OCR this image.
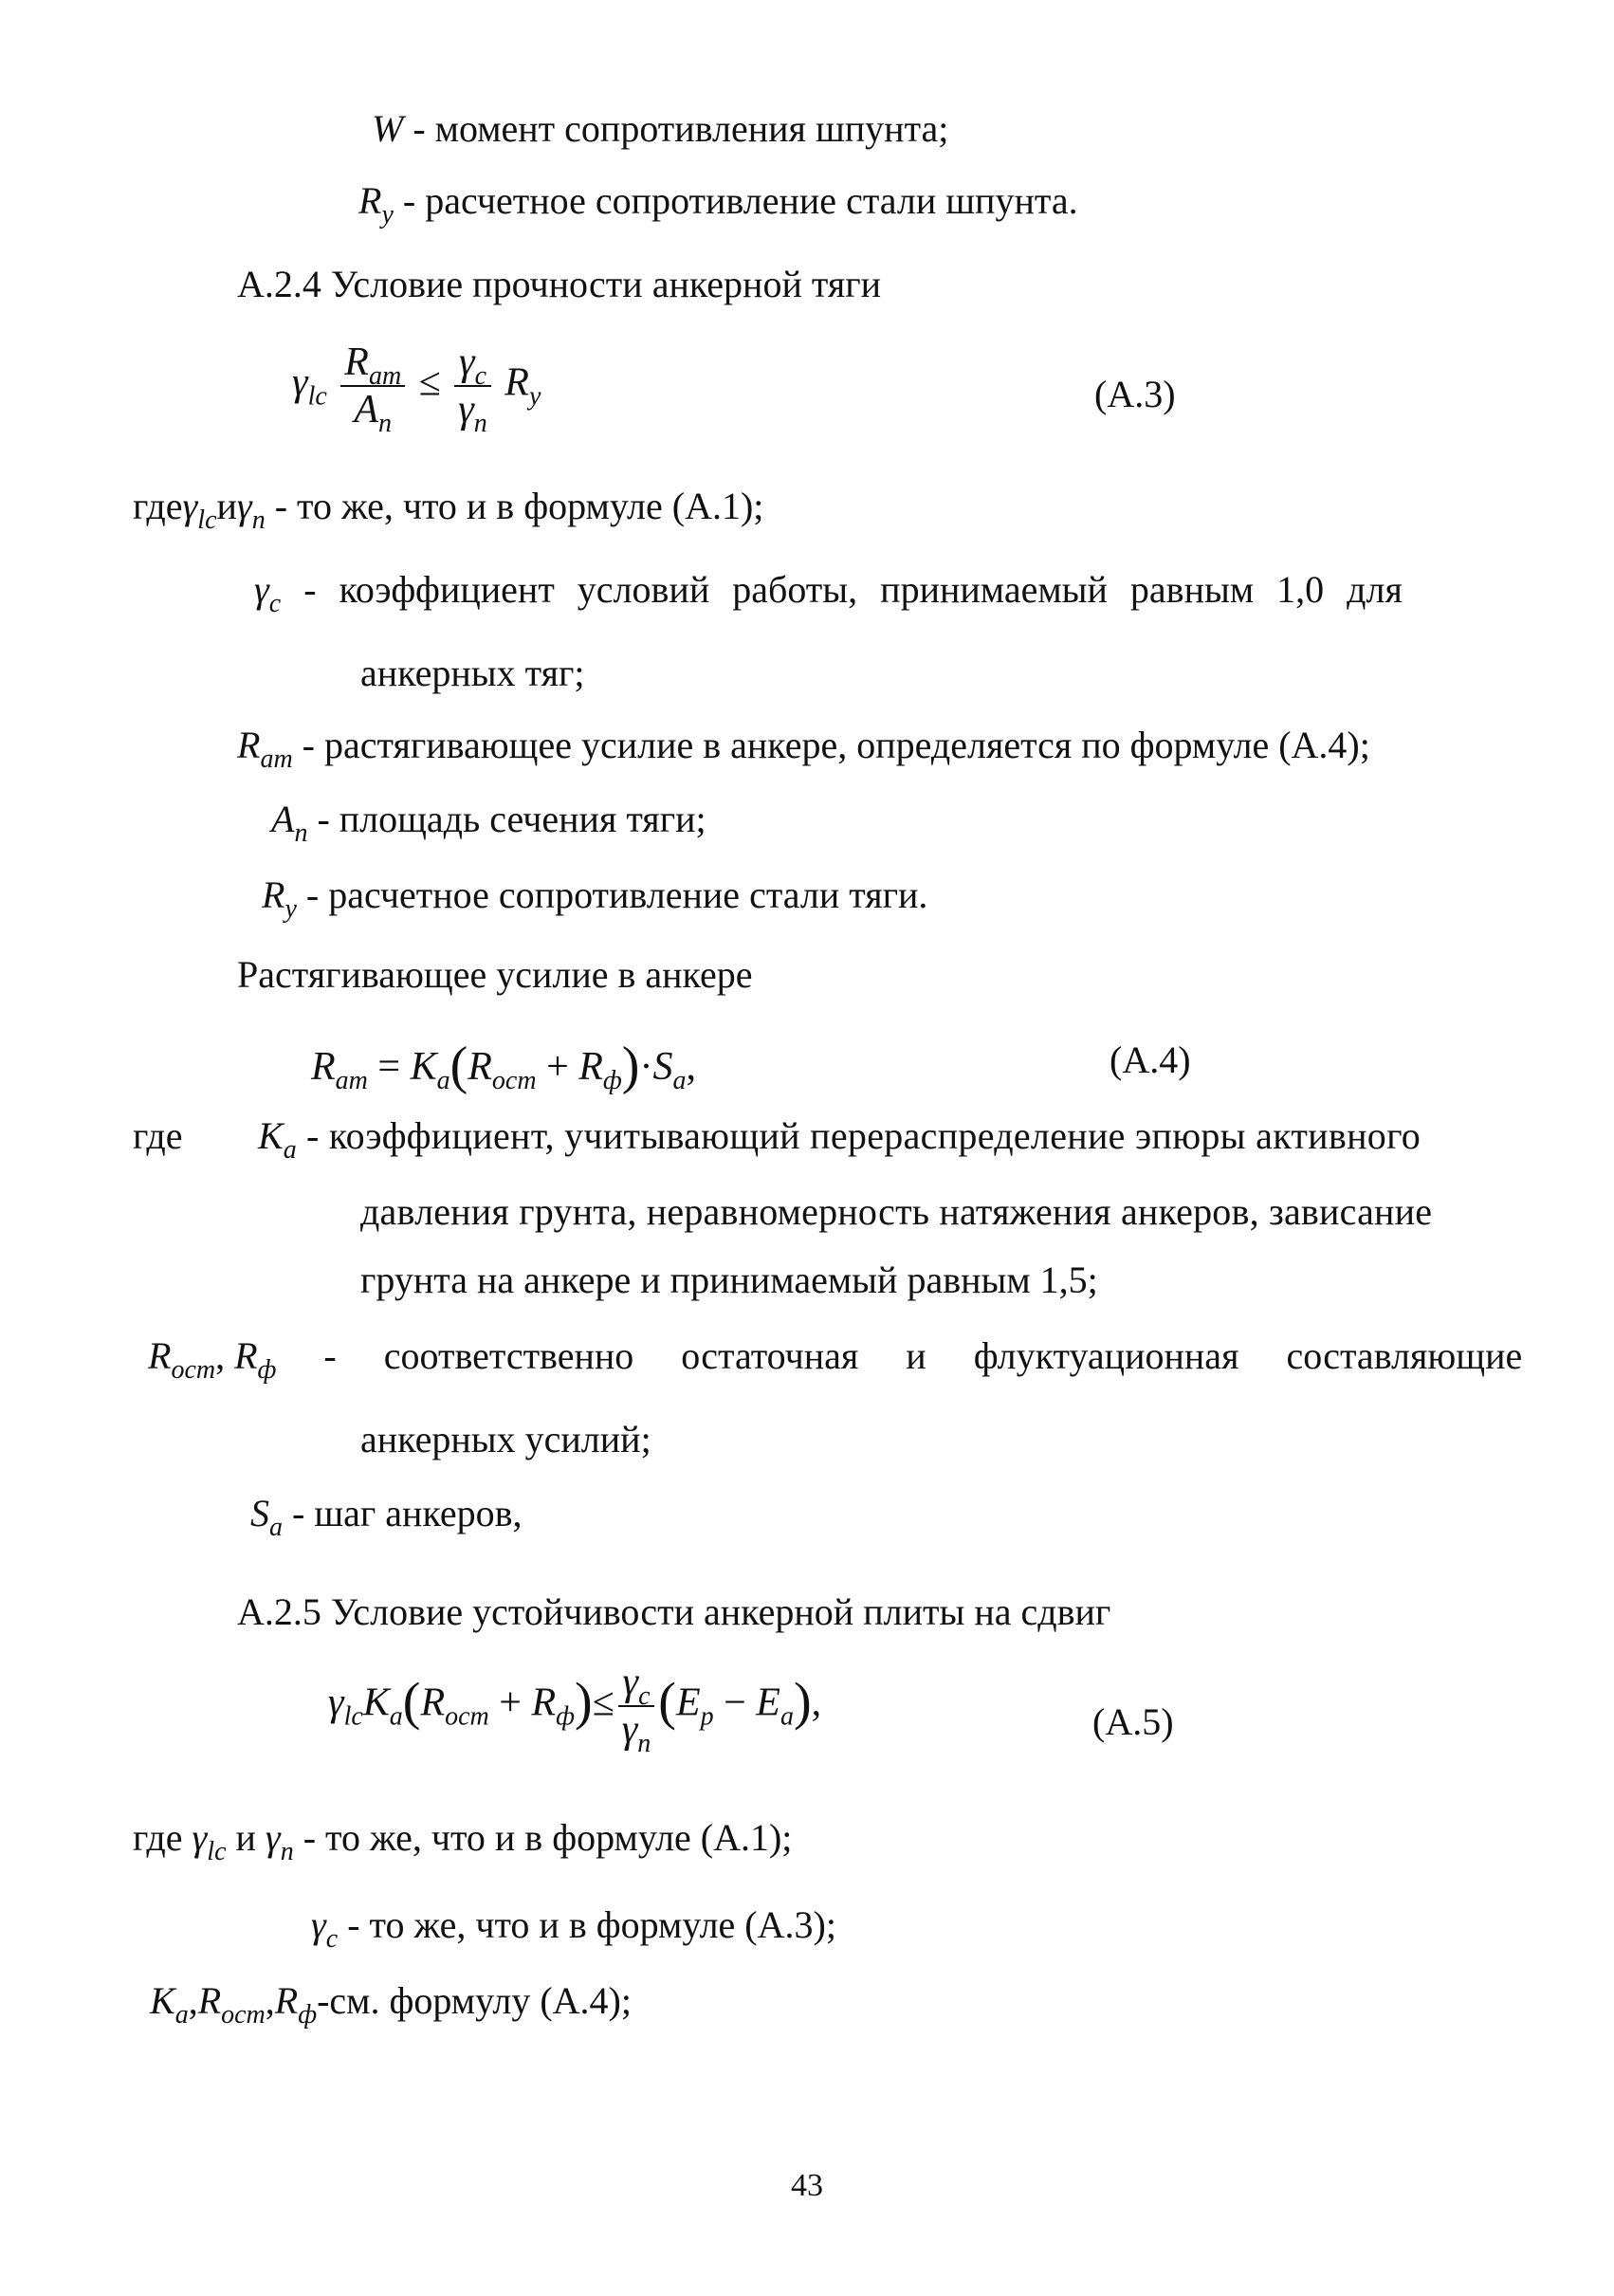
W - момент сопротивления шпунта;
$R_y$ - расчетное сопротивление стали шпунта.
А.2.4 Условие прочности анкерной тяги
$\gamma_{lc} \frac{R_{am}}{A_n} \le \frac{\gamma_c}{\gamma_n} R_y$	(А.3)
$где\gamma_{lc}и\gamma_n$ - то же, что и в формуле (А.1);
$\gamma_c$ - коэффициент условий работы, принимаемый равным 1,0 для
анкерных тяг;
$R_{am}$ - растягивающее усилие в анкере, определяется по формуле (А.4);
$A_n$ - площадь сечения тяги;
$R_y$ - расчетное сопротивление стали тяги.
Растягивающее усилие в анкере
$R_{am} = K_a(R_{ocm} + R_ф)\cdot S_a$,	(А.4)
где $K_a$ - коэффициент, учитывающий перераспределение эпюры активного
давления грунта, неравномерность натяжения анкеров, зависание
грунта на анкере и принимаемый равным 1,5;
$R_{ocm}$, $R_ф$ - соответственно остаточная и флуктуационная составляющие
анкерных усилий;
$S_a$ - шаг анкеров,
А.2.5 Условие устойчивости анкерной плиты на сдвиг
$\gamma_{lc}K_a(R_{ocm} + R_ф)\le \frac{\gamma_c}{\gamma_n} (E_p - E_a)$,	(А.5)
где $\gamma_{lc}$ и $\gamma_n$ - то же, что и в формуле (А.1);
$\gamma_c$ - то же, что и в формуле (А.3);
$K_a,R_{ocm},R_ф-см$. формулу (А.4);
43
